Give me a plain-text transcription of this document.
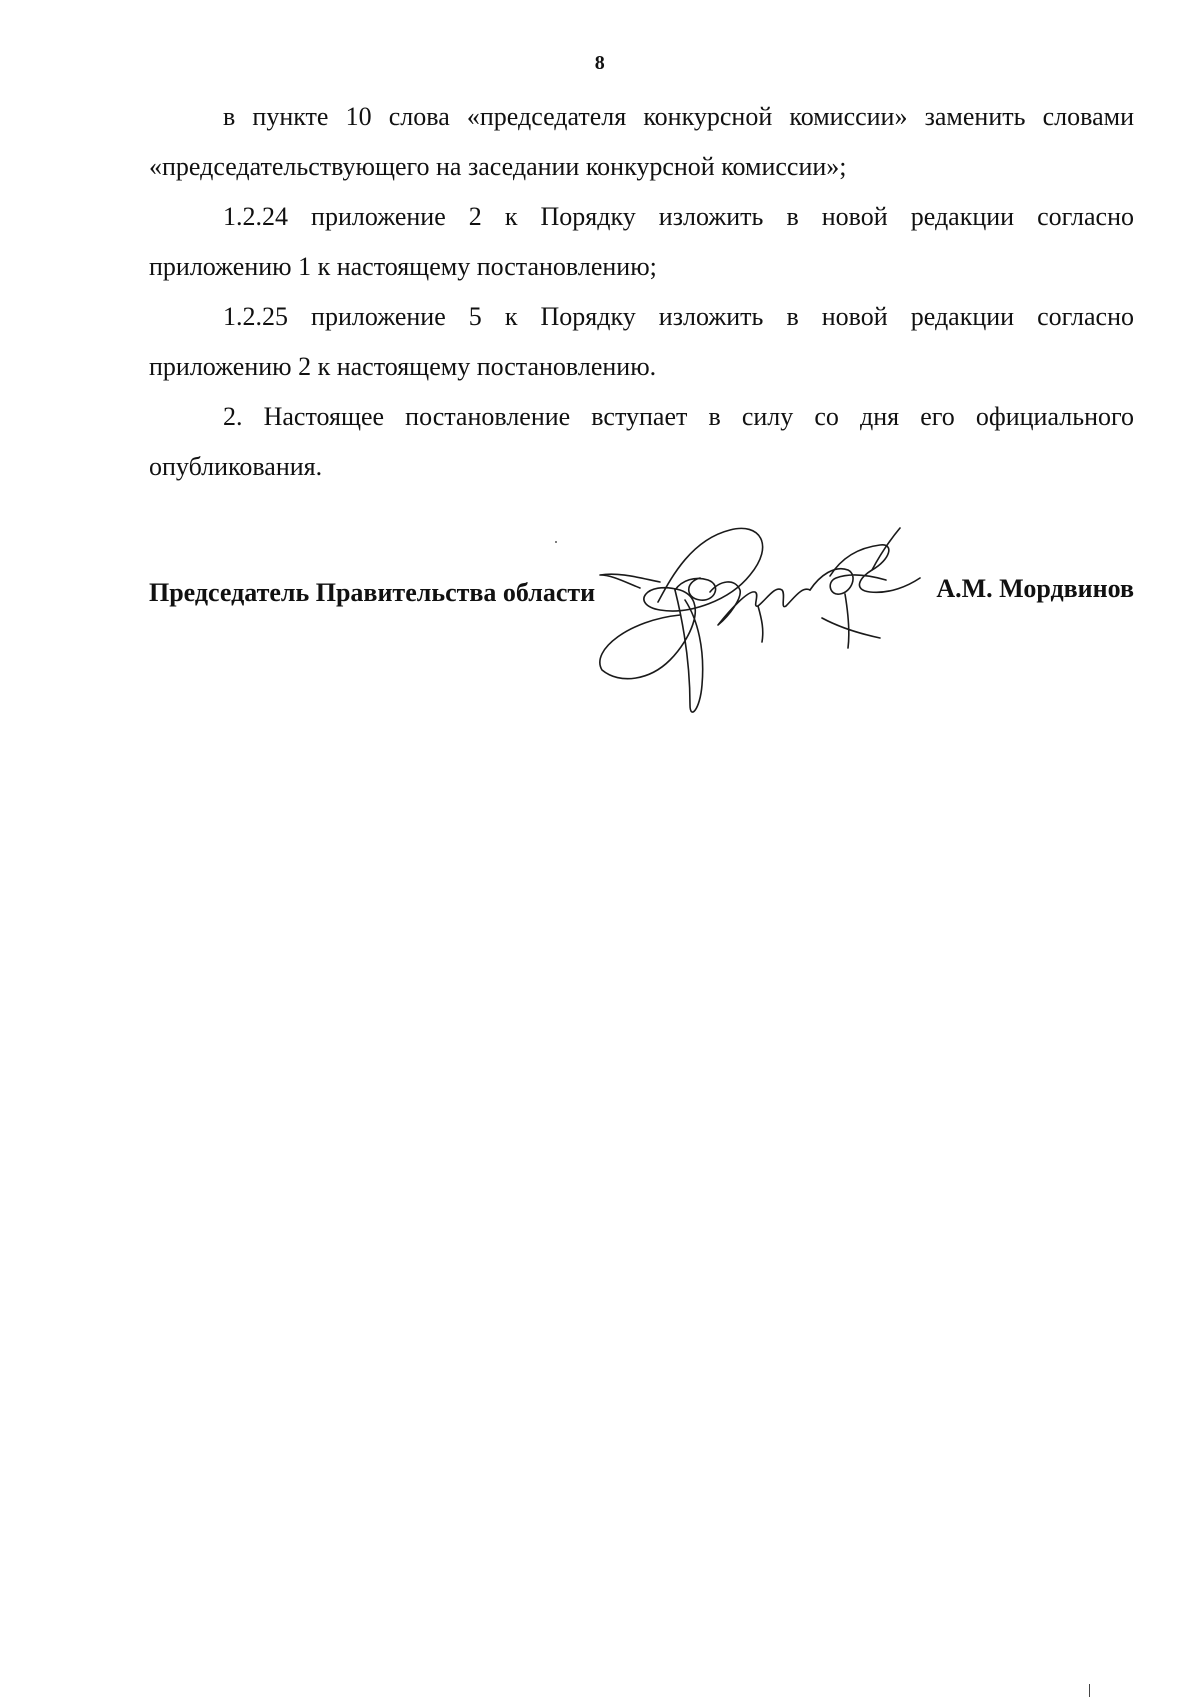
8

в пункте 10 слова «председателя конкурсной комиссии» заменить словами «председательствующего на заседании конкурсной комиссии»;

1.2.24 приложение 2 к Порядку изложить в новой редакции согласно приложению 1 к настоящему постановлению;

1.2.25 приложение 5 к Порядку изложить в новой редакции согласно приложению 2 к настоящему постановлению.

2. Настоящее постановление вступает в силу со дня его официального опубликования.

Председатель Правительства области	А.М. Мордвинов
